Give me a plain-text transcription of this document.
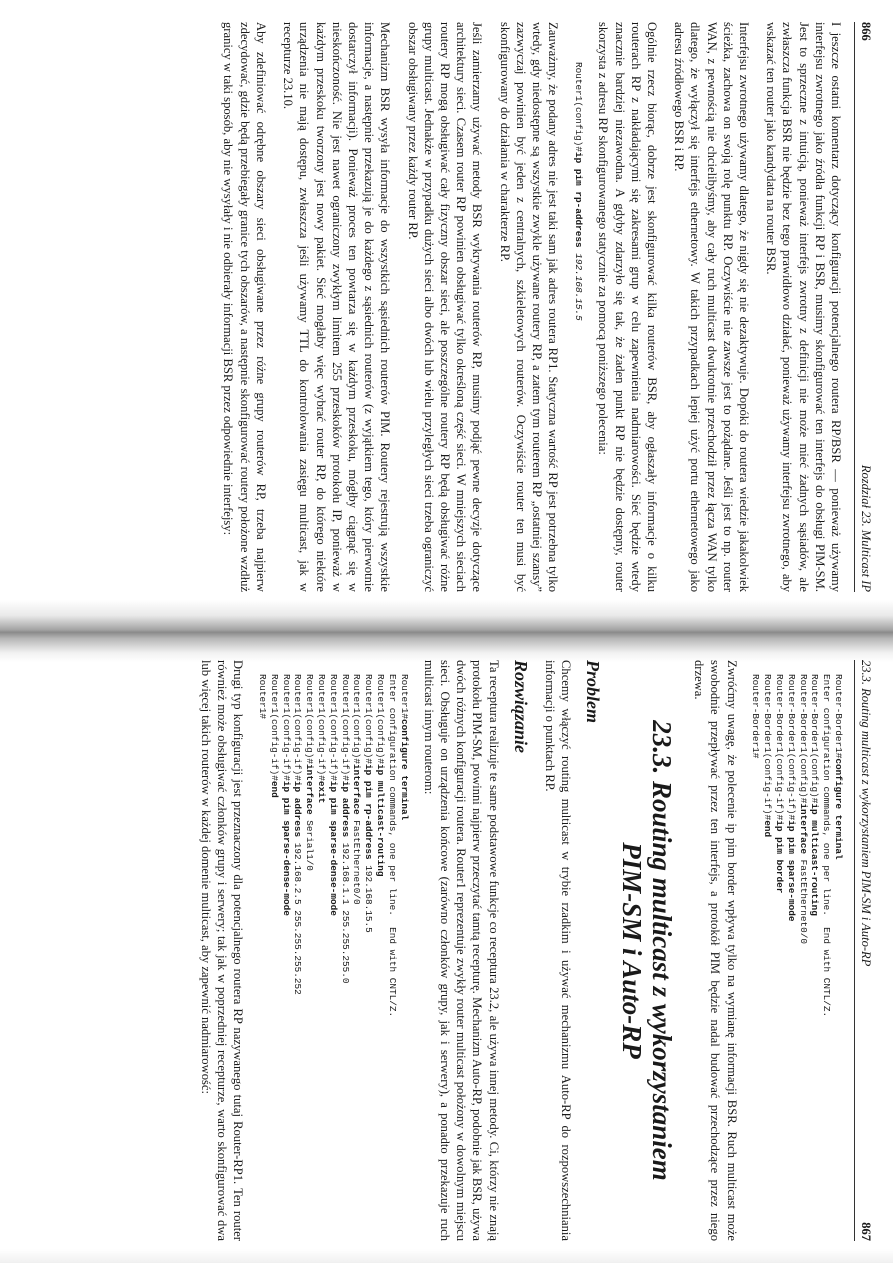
866
Rozdział 23. Multicast IP

I jeszcze ostatni komentarz dotyczący konfiguracji potencjalnego routera RP/BSR — ponieważ używamy interfejsu zwrotnego jako źródła funkcji RP i BSR, musimy skonfigurować ten interfejs do obsługi PIM-SM. Jest to sprzeczne z intuicją, ponieważ interfejs zwrotny z definicji nie może mieć żadnych sąsiadów, ale zwłaszcza funkcja BSR nie będzie bez tego prawidłowo działać, ponieważ używamy interfejsu zwrotnego, aby wskazać ten router jako kandydata na router BSR.

Interfejsu zwrotnego używamy dlatego, że nigdy się nie dezaktywuje. Dopóki do routera wiedzie jakakolwiek ścieżka, zachowa on swoją rolę punktu RP. Oczywiście nie zawsze jest to pożądane. Jeśli jest to np. router WAN, z pewnością nie chcielibyśmy, aby cały ruch multicast dwukrotnie przechodził przez łącza WAN tylko dlatego, że wyłączył się interfejs ethernetowy. W takich przypadkach lepiej użyć portu ethernetowego jako adresu źródłowego BSR i RP.

Ogólnie rzecz biorąc, dobrze jest skonfigurować kilka routerów BSR, aby ogłaszały informacje o kilku routerach RP z nakładającymi się zakresami grup w celu zapewnienia nadmiarowości. Sieć będzie wtedy znacznie bardziej niezawodna. A gdyby zdarzyło się tak, że żaden punkt RP nie będzie dostępny, router skorzysta z adresu RP skonfigurowanego statycznie za pomocą poniższego polecenia:

Router1(config)#ip pim rp-address 192.168.15.5

Zauważmy, że podany adres nie jest taki sam jak adres routera RP1. Statyczna wartość RP jest potrzebna tylko wtedy, gdy niedostępne są wszystkie zwykle używane routery RP, a zatem tym routerem RP „ostatniej szansy” zazwyczaj powinien być jeden z centralnych, szkieletowych routerów. Oczywiście router ten musi być skonfigurowany do działania w charakterze RP.

Jeśli zamierzamy używać metody BSR wykrywania routerów RP, musimy podjąć pewne decyzje dotyczące architektury sieci. Czasem router RP powinien obsługiwać tylko określoną część sieci. W mniejszych sieciach routery RP mogą obsługiwać cały fizyczny obszar sieci, ale poszczególne routery RP będą obsługiwać różne grupy multicast. Jednakże w przypadku dużych sieci albo dwóch lub wielu przyległych sieci trzeba ograniczyć obszar obsługiwany przez każdy router RP.

Mechanizm BSR wysyła informacje do wszystkich sąsiednich routerów PIM. Routery rejestrują wszystkie informacje, a następnie przekazują je do każdego z sąsiednich routerów (z wyjątkiem tego, który pierwotnie dostarczył informacji). Ponieważ proces ten powtarza się w każdym przeskoku, mógłby ciągnąć się w nieskończoność. Nie jest nawet ograniczony zwykłym limitem 255 przeskoków protokołu IP, ponieważ w każdym przeskoku tworzony jest nowy pakiet. Sieć mogłaby więc wybrać router RP, do którego niektóre urządzenia nie mają dostępu, zwłaszcza jeśli używamy TTL do kontrolowania zasięgu multicast, jak w recepturze 23.10.

Aby zdefiniować odrębne obszary sieci obsługiwane przez różne grupy routerów RP, trzeba najpierw zdecydować, gdzie będą przebiegały granice tych obszarów, a następnie skonfigurować routery położone wzdłuż granicy w taki sposób, aby nie wysyłały i nie odbierały informacji BSR przez odpowiednie interfejsy:

23.3. Routing multicast z wykorzystaniem PIM-SM i Auto-RP
867
Router-Border1#configure terminal
Enter configuration commands, one per line.  End with CNTL/Z.
Router-Border1(config)#ip multicast-routing
Router-Border1(config)#interface FastEthernet0/0
Router-Border1(config-if)#ip pim sparse-mode
Router-Border1(config-if)#ip pim border
Router-Border1(config-if)#end
Router-Border1#

Zwróćmy uwagę, że polecenie ip pim border wpływa tylko na wymianę informacji BSR. Ruch multicast może swobodnie przepływać przez ten interfejs, a protokół PIM będzie nadal budować przechodzące przez niego drzewa.

23.3. Routing multicast z wykorzystaniem
PIM-SM i Auto-RP
Problem

Chcemy włączyć routing multicast w trybie rzadkim i używać mechanizmu Auto-RP do rozpowszechniania informacji o punktach RP.

Rozwiązanie

Ta receptura realizuje te same podstawowe funkcje co receptura 23.2, ale używa innej metody. Ci, którzy nie znają protokołu PIM-SM, powinni najpierw przeczytać tamtą recepturę. Mechanizm Auto-RP, podobnie jak BSR, używa dwóch różnych konfiguracji routera. Router1 reprezentuje zwykły router multicast położony w dowolnym miejscu sieci. Obsługuje on urządzenia końcowe (zarówno członków grupy, jak i serwery), a ponadto przekazuje ruch multicast innym routerom:

Router1#configure terminal
Enter configuration commands, one per line.  End with CNTL/Z.
Router1(config)#ip multicast-routing
Router1(config)#ip pim rp-address 192.168.15.5
Router1(config)#interface FastEthernet0/0
Router1(config-if)#ip address 192.168.1.1 255.255.255.0
Router1(config-if)#ip pim sparse-dense-mode
Router1(config-if)#exit
Router1(config)#interface Serial1/0
Router1(config-if)#ip address 192.168.2.5 255.255.255.252
Router1(config-if)#ip pim sparse-dense-mode
Router1(config-if)#end
Router1#

Drugi typ konfiguracji jest przeznaczony dla potencjalnego routera RP nazywanego tutaj Router-RP1. Ten router również może obsługiwać członków grupy i serwery; tak jak w poprzedniej recepturze, warto skonfigurować dwa lub więcej takich routerów w każdej domenie multicast, aby zapewnić nadmiarowość:
